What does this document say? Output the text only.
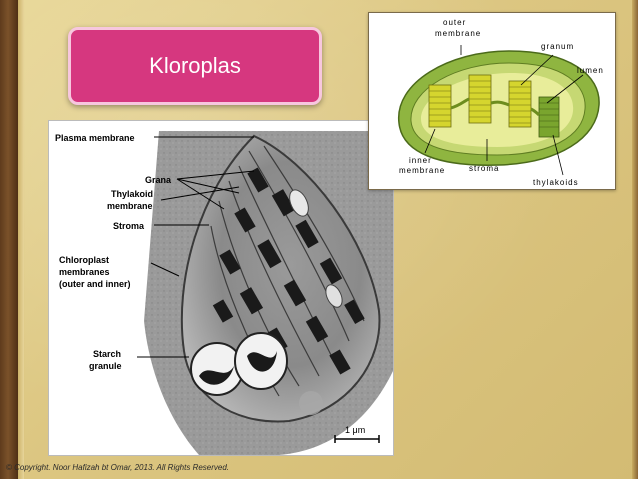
Kloroplas
Plasma membrane
Grana
Thylakoid
membrane
Stroma
Chloroplast
membranes
(outer and inner)
Starch
granule
1 μm
outer
membrane
granum
lumen
inner
membrane	stroma
thylakoids
© Copyright. Noor Hafizah bt Omar, 2013. All Rights Reserved.
